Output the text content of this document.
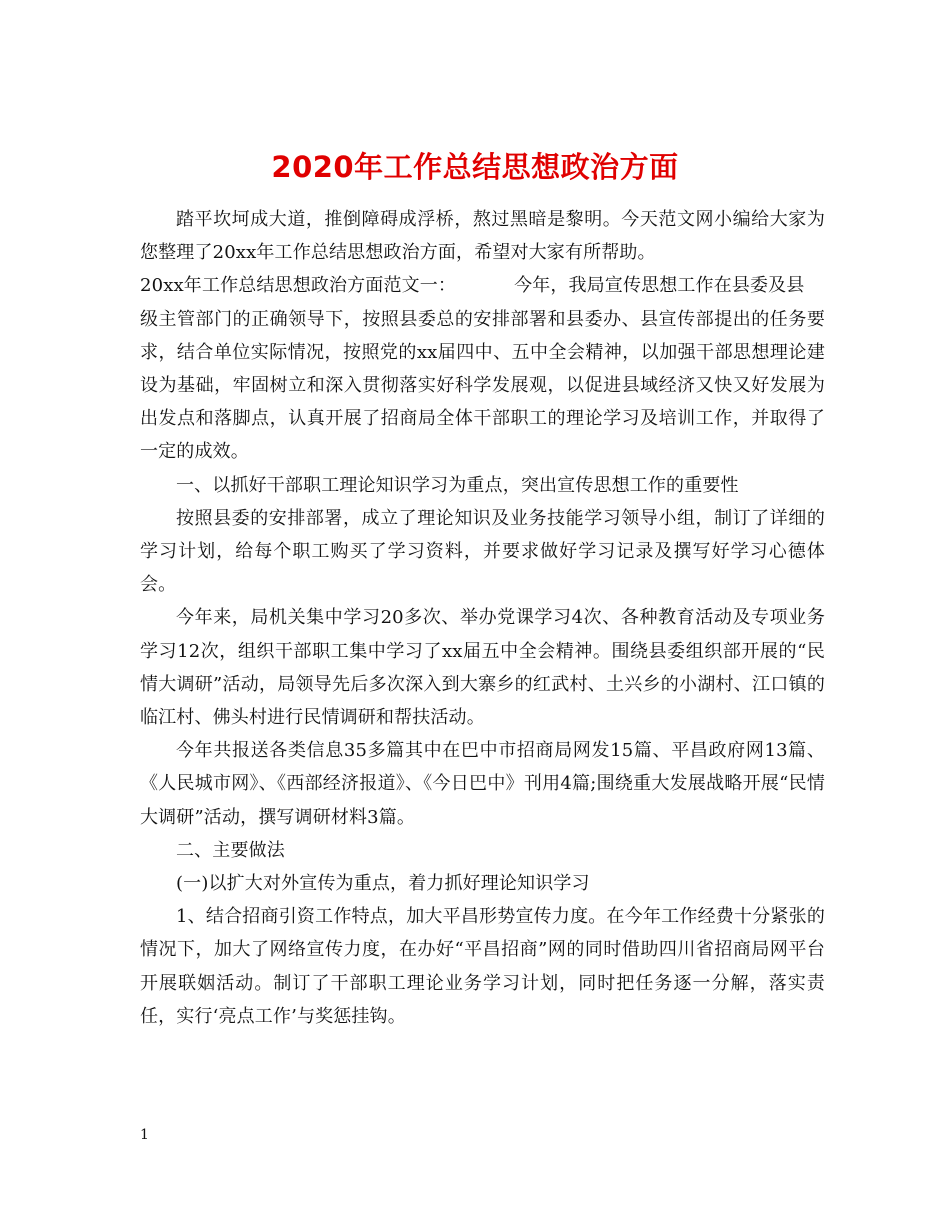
2020年工作总结思想政治方面

踏平坎坷成大道，推倒障碍成浮桥，熬过黑暗是黎明。今天范文网小编给大家为您整理了20xx年工作总结思想政治方面，希望对大家有所帮助。

20xx年工作总结思想政治方面范文一：	今年，我局宣传思想工作在县委及县

级主管部门的正确领导下，按照县委总的安排部署和县委办、县宣传部提出的任务要求，结合单位实际情况，按照党的xx届四中、五中全会精神，以加强干部思想理论建设为基础，牢固树立和深入贯彻落实好科学发展观，以促进县域经济又快又好发展为出发点和落脚点，认真开展了招商局全体干部职工的理论学习及培训工作，并取得了一定的成效。

一、以抓好干部职工理论知识学习为重点，突出宣传思想工作的重要性

按照县委的安排部署，成立了理论知识及业务技能学习领导小组，制订了详细的学习计划，给每个职工购买了学习资料，并要求做好学习记录及撰写好学习心德体会。

今年来，局机关集中学习20多次、举办党课学习4次、各种教育活动及专项业务学习12次，组织干部职工集中学习了xx届五中全会精神。围绕县委组织部开展的“民情大调研”活动，局领导先后多次深入到大寨乡的红武村、土兴乡的小湖村、江口镇的临江村、佛头村进行民情调研和帮扶活动。

今年共报送各类信息35多篇其中在巴中市招商局网发15篇、平昌政府网13篇、《人民城市网》、《西部经济报道》、《今日巴中》刊用4篇;围绕重大发展战略开展“民情大调研”活动，撰写调研材料3篇。

二、主要做法

(一)以扩大对外宣传为重点，着力抓好理论知识学习

1、结合招商引资工作特点，加大平昌形势宣传力度。在今年工作经费十分紧张的情况下，加大了网络宣传力度，在办好“平昌招商”网的同时借助四川省招商局网平台开展联姻活动。制订了干部职工理论业务学习计划，同时把任务逐一分解，落实责任，实行‘亮点工作’与奖惩挂钩。

1
